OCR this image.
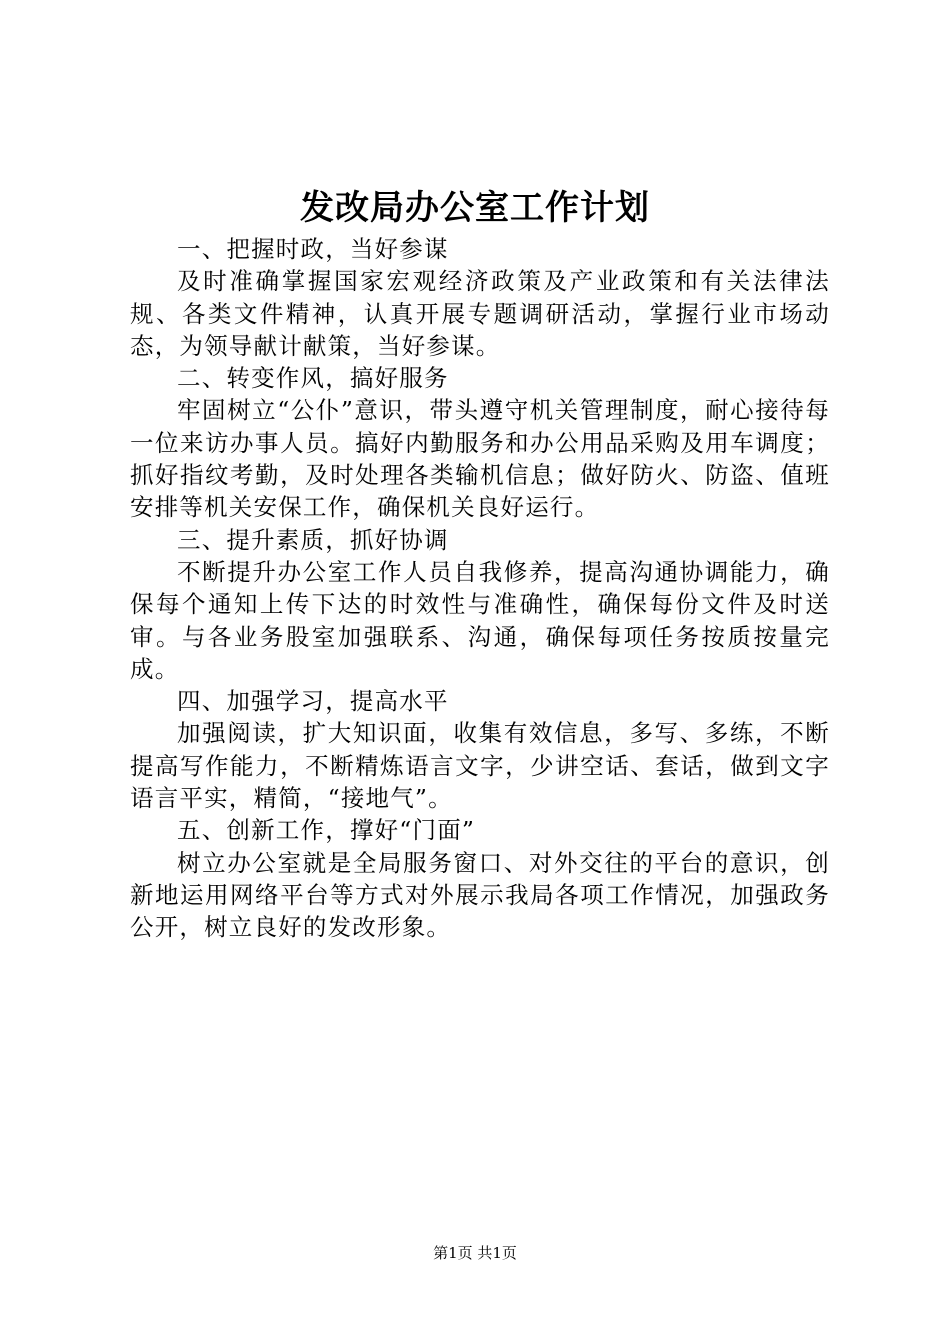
发改局办公室工作计划

一、把握时政，当好参谋

及时准确掌握国家宏观经济政策及产业政策和有关法律法规、各类文件精神，认真开展专题调研活动，掌握行业市场动态，为领导献计献策，当好参谋。

二、转变作风，搞好服务

牢固树立“公仆”意识，带头遵守机关管理制度，耐心接待每一位来访办事人员。搞好内勤服务和办公用品采购及用车调度；抓好指纹考勤，及时处理各类输机信息；做好防火、防盗、值班安排等机关安保工作，确保机关良好运行。

三、提升素质，抓好协调

不断提升办公室工作人员自我修养，提高沟通协调能力，确保每个通知上传下达的时效性与准确性，确保每份文件及时送审。与各业务股室加强联系、沟通，确保每项任务按质按量完成。

四、加强学习，提高水平

加强阅读，扩大知识面，收集有效信息，多写、多练，不断提高写作能力，不断精炼语言文字，少讲空话、套话，做到文字语言平实，精简，“接地气”。

五、创新工作，撑好“门面”

树立办公室就是全局服务窗口、对外交往的平台的意识，创新地运用网络平台等方式对外展示我局各项工作情况，加强政务公开，树立良好的发改形象。

第1页 共1页
